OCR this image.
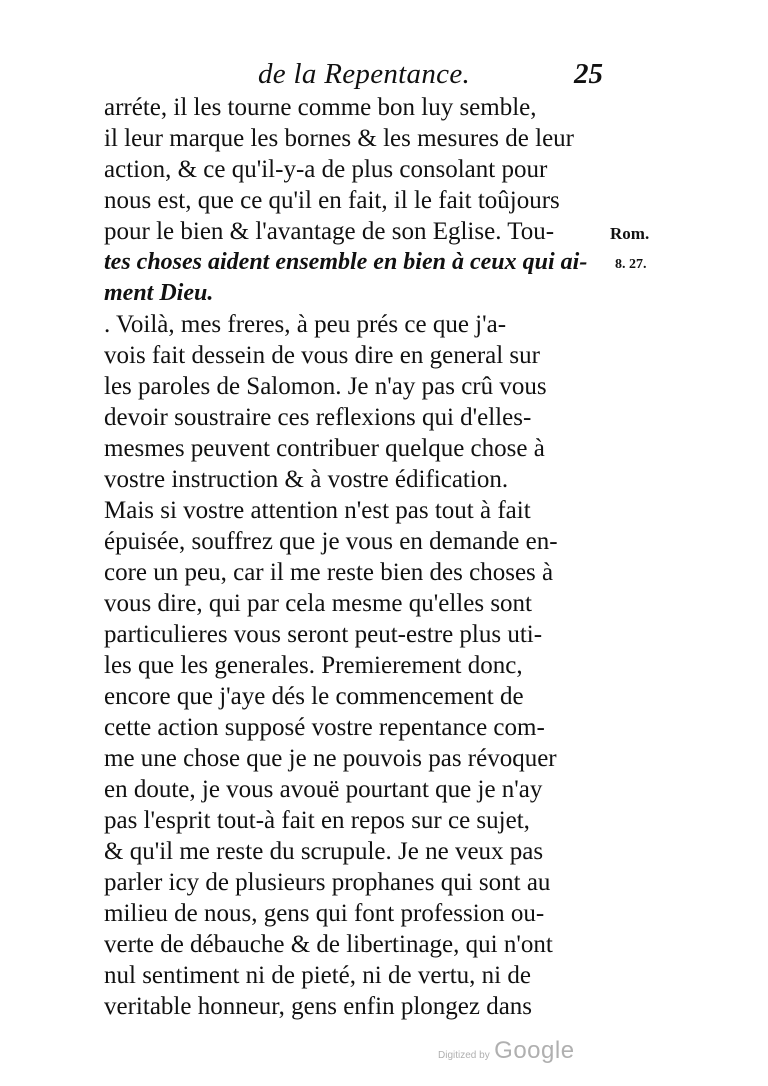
de la Repentance.	25
arréte, il les tourne comme bon luy semble,
il leur marque les bornes & les mesures de leur
action, & ce qu'il-y-a de plus consolant pour
nous est, que ce qu'il en fait, il le fait toûjours
pour le bien & l'avantage de son Eglise. Tou-
tes choses aident ensemble en bien à ceux qui ai-
ment Dieu.
. Voilà, mes freres, à peu prés ce que j'a-
vois fait dessein de vous dire en general sur
les paroles de Salomon. Je n'ay pas crû vous
devoir soustraire ces reflexions qui d'elles-
mesmes peuvent contribuer quelque chose à
vostre instruction & à vostre édification.
Mais si vostre attention n'est pas tout à fait
épuisée, souffrez que je vous en demande en-
core un peu, car il me reste bien des choses à
vous dire, qui par cela mesme qu'elles sont
particulieres vous seront peut-estre plus uti-
les que les generales. Premierement donc,
encore que j'aye dés le commencement de
cette action supposé vostre repentance com-
me une chose que je ne pouvois pas révoquer
en doute, je vous avouë pourtant que je n'ay
pas l'esprit tout-à fait en repos sur ce sujet,
& qu'il me reste du scrupule. Je ne veux pas
parler icy de plusieurs prophanes qui sont au
milieu de nous, gens qui font profession ou-
verte de débauche & de libertinage, qui n'ont
nul sentiment ni de pieté, ni de vertu, ni de
veritable honneur, gens enfin plongez dans
Rom.
8. 27.
Digitized by Google
